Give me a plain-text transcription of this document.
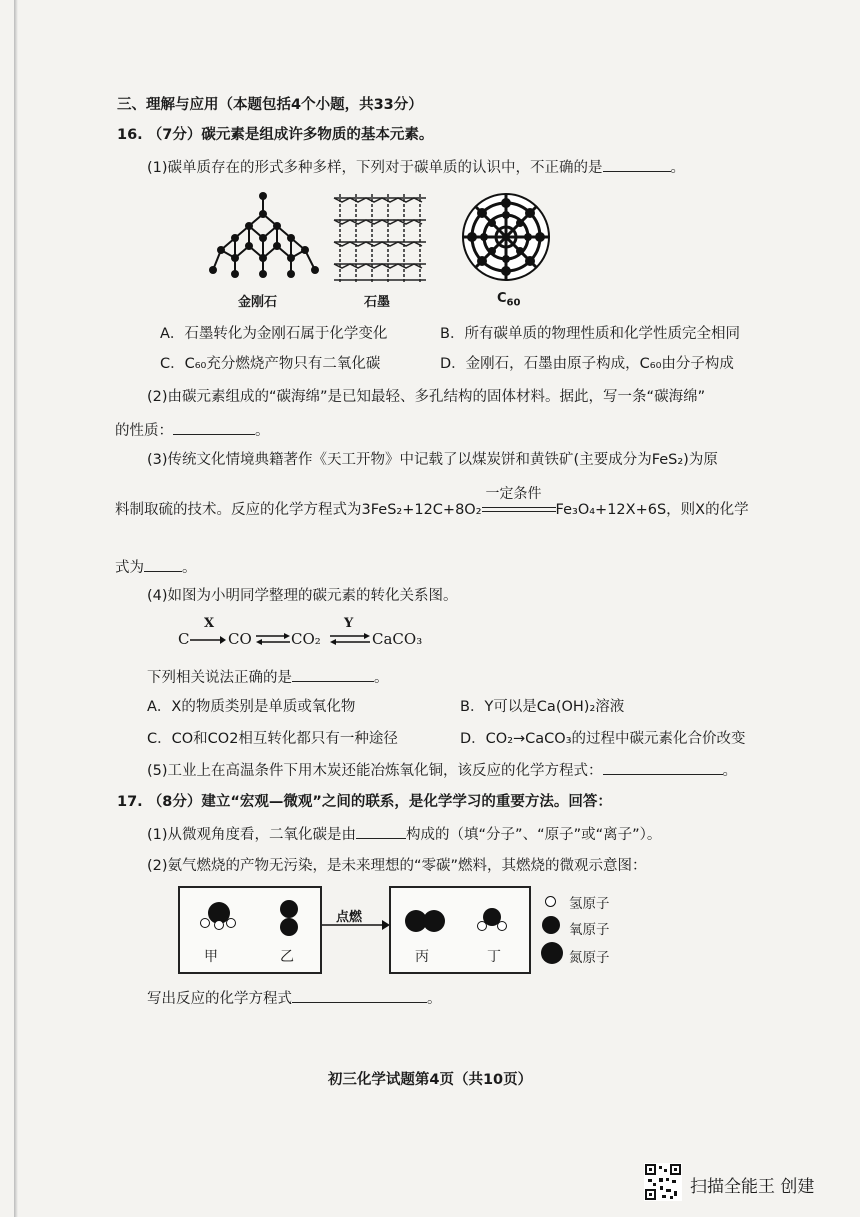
三、理解与应用（本题包括4个小题，共33分）
16. （7分）碳元素是组成许多物质的基本元素。
(1)碳单质存在的形式多种多样，下列对于碳单质的认识中，不正确的是	。
金刚石	石墨	$C_{60}$
A．石墨转化为金刚石属于化学变化	B．所有碳单质的物理性质和化学性质完全相同
C．C₆₀充分燃烧产物只有二氧化碳	D．金刚石，石墨由原子构成，C₆₀由分子构成
(2)由碳元素组成的“碳海绵”是已知最轻、多孔结构的固体材料。据此，写一条“碳海绵”
的性质：	。
(3)传统文化情境典籍著作《天工开物》中记载了以煤炭饼和黄铁矿(主要成分为FeS₂)为原
料制取硫的技术。反应的化学方程式为3FeS₂+12C+8O₂
一定条件
Fe₃O₄+12X+6S，则X的化学
式为	。
(4)如图为小明同学整理的碳元素的转化关系图。
C
X
CO	CO₂
Y
CaCO₃
下列相关说法正确的是	。
A．X的物质类别是单质或氧化物	B．Y可以是Ca(OH)₂溶液
C．CO和CO2相互转化都只有一种途径	D．CO₂→CaCO₃的过程中碳元素化合价改变
(5)工业上在高温条件下用木炭还能冶炼氧化铜，该反应的化学方程式：	。
17. （8分）建立“宏观—微观”之间的联系，是化学学习的重要方法。回答：
(1)从微观角度看，二氧化碳是由	构成的（填“分子”、“原子”或“离子”）。
(2)氨气燃烧的产物无污染，是未来理想的“零碳”燃料，其燃烧的微观示意图：
甲	乙
点燃
丙	丁
氢原子
氧原子
氮原子
写出反应的化学方程式	。
初三化学试题第4页（共10页）
扫描全能王 创建
